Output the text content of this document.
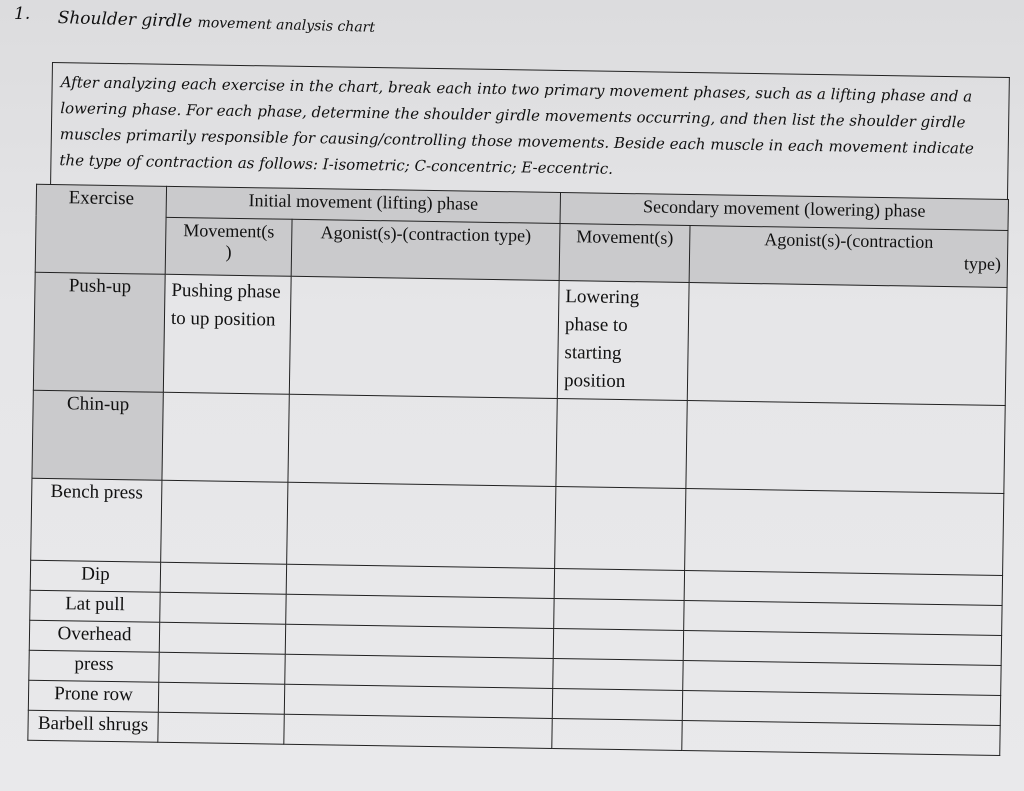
1. Shoulder girdle movement analysis chart
After analyzing each exercise in the chart, break each into two primary movement phases, such as a lifting phase and a lowering phase. For each phase, determine the shoulder girdle movements occurring, and then list the shoulder girdle muscles primarily responsible for causing/controlling those movements. Beside each muscle in each movement indicate the type of contraction as follows: I-isometric; C-concentric; E-eccentric.
Exercise	Initial movement (lifting) phase		Secondary movement (lowering) phase	
	Movement(s
)	Agonist(s)-(contraction type)	Movement(s)	Agonist(s)-(contraction
type)

Push-up	Pushing phase to up position		Lowering phase to starting position	
Chin-up				
Bench press				
Dip				
Lat pull				
Overhead				
press				
Prone row				
Barbell shrugs				
